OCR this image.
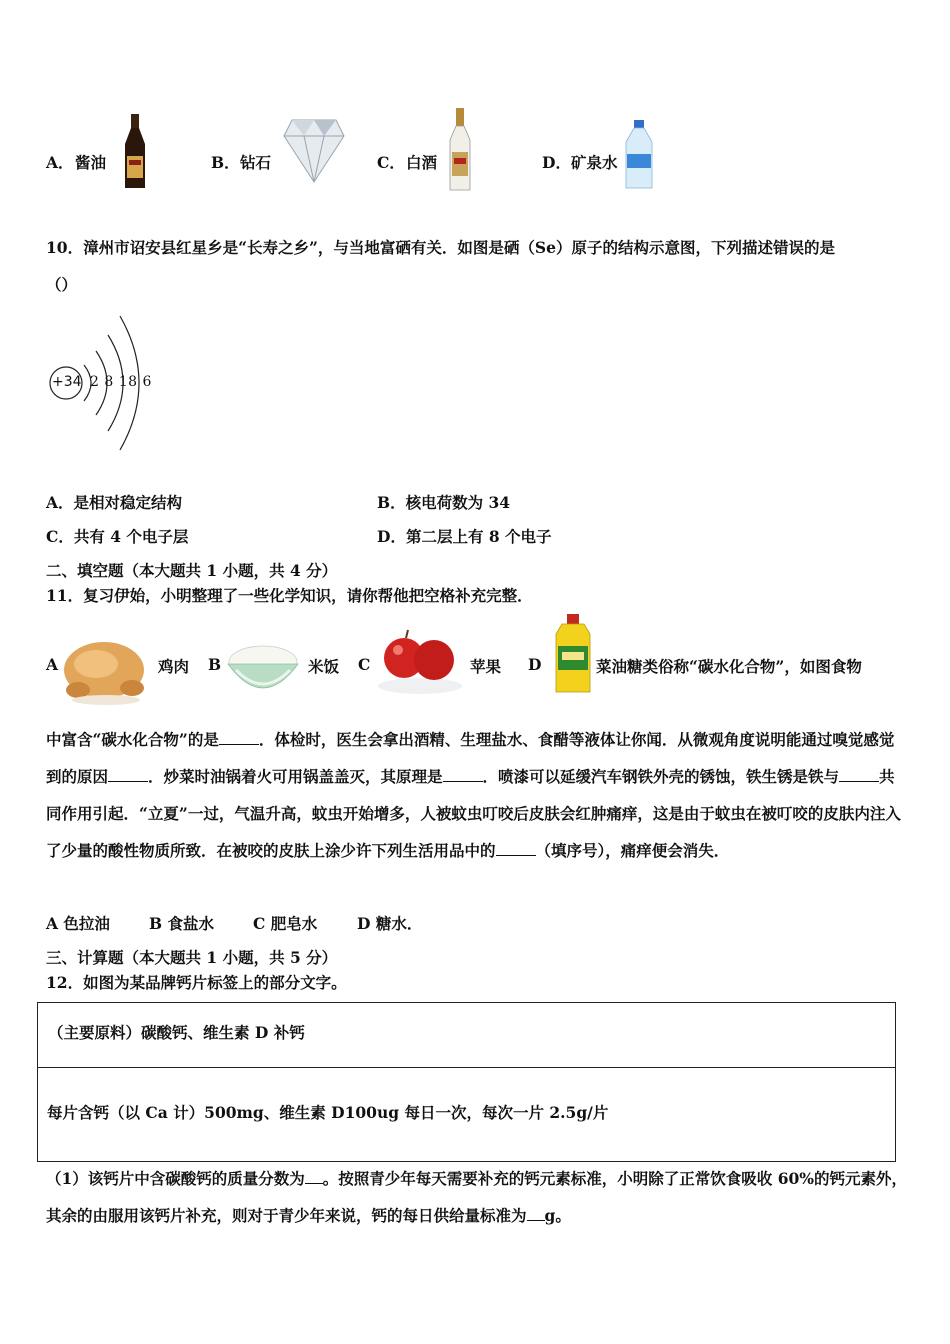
A． 酱油	B． 钻石	C． 白酒	D． 矿泉水
10．漳州市诏安县红星乡是“长寿之乡”，与当地富硒有关．如图是硒（Se）原子的结构示意图，下列描述错误的是
（）
+34 2 8 18 6
A．是相对稳定结构	B．核电荷数为 34
C．共有 4 个电子层	D．第二层上有 8 个电子
二、填空题（本大题共 1 小题，共 4 分）
11．复习伊始，小明整理了一些化学知识，请你帮他把空格补充完整．
A	鸡肉 B	米饭 C	苹果 D	菜油糖类俗称“碳水化合物”，如图食物
中富含“碳水化合物”的是	．体检时，医生会拿出酒精、生理盐水、食醋等液体让你闻．从微观角度说明能通过嗅觉感觉到的原因	．炒菜时油锅着火可用锅盖盖灭，其原理是	．喷漆可以延缓汽车钢铁外壳的锈蚀，铁生锈是铁与	共同作用引起．“立夏”一过，气温升高，蚊虫开始增多，人被蚊虫叮咬后皮肤会红肿痛痒，这是由于蚊虫在被叮咬的皮肤内注入了少量的酸性物质所致．在被咬的皮肤上涂少许下列生活用品中的	（填序号），痛痒便会消失．
A 色拉油	B 食盐水	C 肥皂水	D 糖水．
三、计算题（本大题共 1 小题，共 5 分）
12．如图为某品牌钙片标签上的部分文字。
（主要原料）碳酸钙、维生素 D 补钙
每片含钙（以 Ca 计）500mg、维生素 D100ug 每日一次，每次一片 2.5g/片
（1）该钙片中含碳酸钙的质量分数为 。按照青少年每天需要补充的钙元素标准，小明除了正常饮食吸收 60%的钙元素外，其余的由服用该钙片补充，则对于青少年来说，钙的每日供给量标准为 g。
